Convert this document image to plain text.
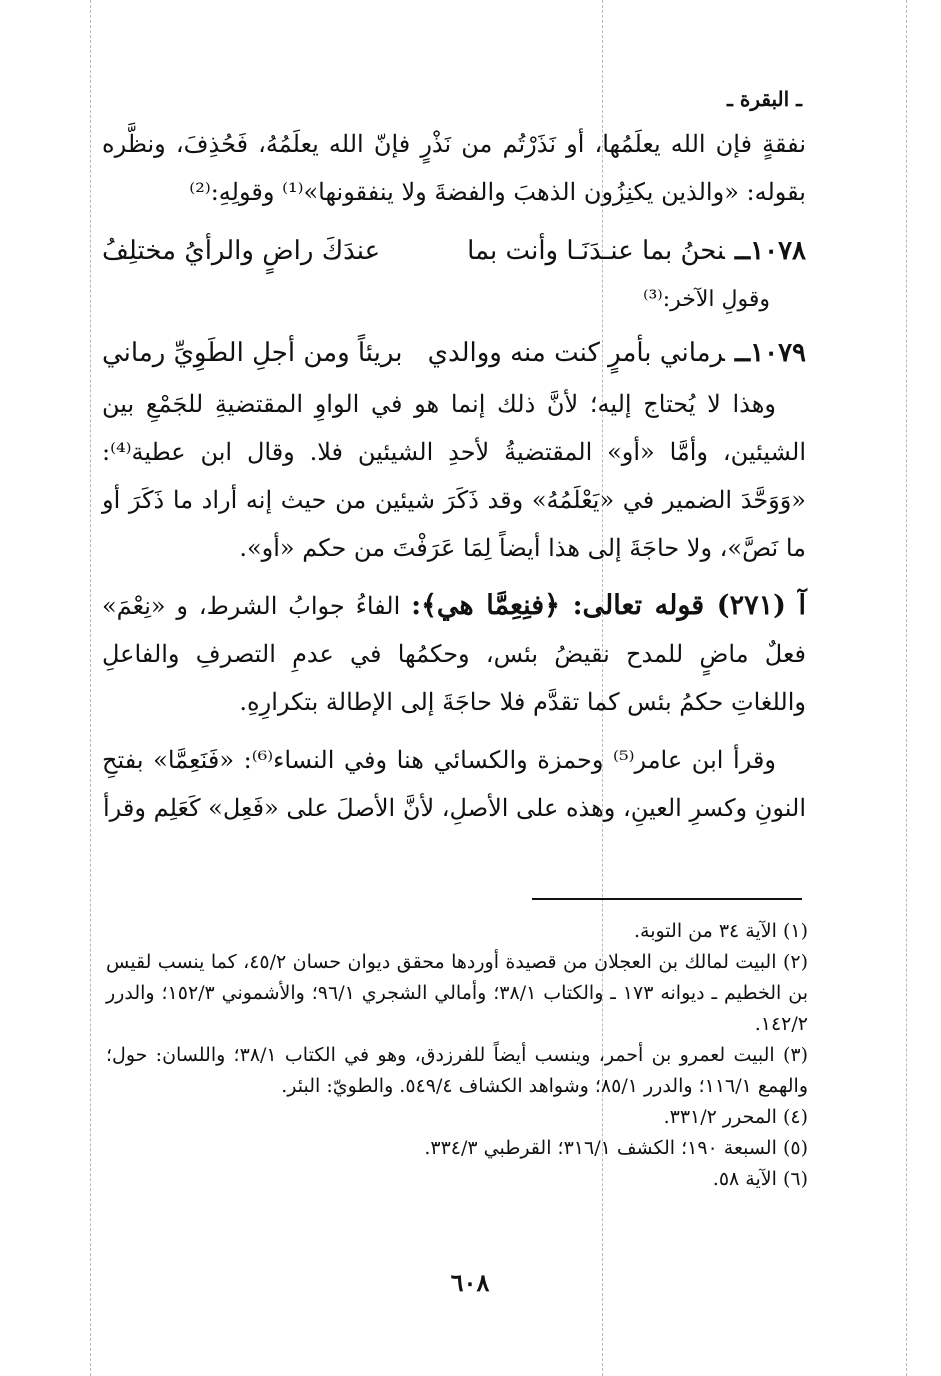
ـ البقرة ـ

نفقةٍ فإن الله يعلَمُها، أو نَذَرْتُم من نَذْرٍ فإنّ الله يعلَمُهُ، فَحُذِفَ، ونظَّره بقوله: «والذين يكنِزُون الذهبَ والفضةَ ولا ينفقونها»⁽¹⁾ وقولِهِ:⁽²⁾

١٠٧٨ــنحنُ بما عنـدَنَـا وأنت بما
عندَكَ راضٍ والرأيُ مختلِفُ
وقولِ الآخر:⁽³⁾
١٠٧٩ــرماني بأمرٍ كنت منه ووالدي
بريئاً ومن أجلِ الطَوِيِّ رماني

وهذا لا يُحتاج إليه؛ لأنَّ ذلك إنما هو في الواوِ المقتضيةِ للجَمْعِ بين الشيئين، وأمَّا «أو» المقتضيةُ لأحدِ الشيئين فلا. وقال ابن عطية⁽⁴⁾: «وَوَحَّدَ الضمير في «يَعْلَمُهُ» وقد ذَكَرَ شيئين من حيث إنه أراد ما ذَكَرَ أو ما نَصَّ»، ولا حاجَةَ إلى هذا أيضاً لِمَا عَرَفْتَ من حكم «أو».

آ (٢٧١) قوله تعالى: ﴿فنِعِمَّا هي﴾: الفاءُ جوابُ الشرط، و «نِعْمَ» فعلٌ ماضٍ للمدح نقيضُ بئس، وحكمُها في عدمِ التصرفِ والفاعلِ واللغاتِ حكمُ بئس كما تقدَّم فلا حاجَةَ إلى الإطالة بتكرارِهِ.

وقرأ ابن عامر⁽⁵⁾ وحمزة والكسائي هنا وفي النساء⁽⁶⁾: «فَنَعِمَّا» بفتحِ النونِ وكسرِ العينِ، وهذه على الأصلِ، لأنَّ الأصلَ على «فَعِل» كَعَلِم وقرأ

(١) الآية ٣٤ من التوبة.

(٢) البيت لمالك بن العجلان من قصيدة أوردها محقق ديوان حسان ٤٥/٢، كما ينسب لقيس بن الخطيم ـ ديوانه ١٧٣ ـ والكتاب ٣٨/١؛ وأمالي الشجري ٩٦/١؛ والأشموني ١٥٢/٣؛ والدرر ١٤٢/٢.

(٣) البيت لعمرو بن أحمر، وينسب أيضاً للفرزدق، وهو في الكتاب ٣٨/١؛ واللسان: حول؛ والهمع ١١٦/١؛ والدرر ٨٥/١؛ وشواهد الكشاف ٥٤٩/٤. والطويّ: البئر.

(٤) المحرر ٣٣١/٢.

(٥) السبعة ١٩٠؛ الكشف ٣١٦/١؛ القرطبي ٣٣٤/٣.

(٦) الآية ٥٨.

٦٠٨
